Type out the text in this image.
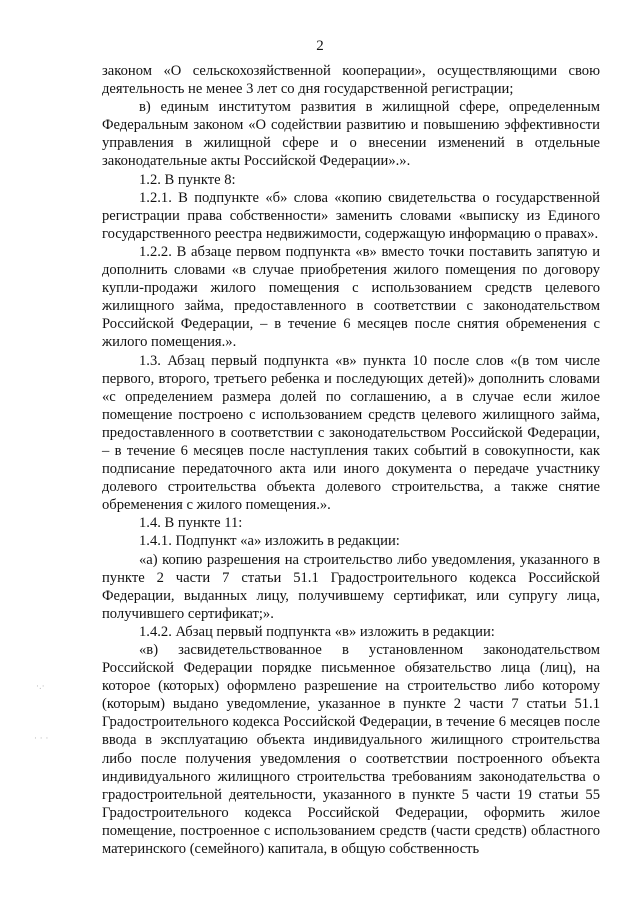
2

законом «О сельскохозяйственной кооперации», осуществляющими свою деятельность не менее 3 лет со дня государственной регистрации;

в) единым институтом развития в жилищной сфере, определенным Федеральным законом «О содействии развитию и повышению эффективности управления в жилищной сфере и о внесении изменений в отдельные законодательные акты Российской Федерации».».

1.2. В пункте 8:

1.2.1. В подпункте «б» слова «копию свидетельства о государственной регистрации права собственности» заменить словами «выписку из Единого государственного реестра недвижимости, содержащую информацию о правах».

1.2.2. В абзаце первом подпункта «в» вместо точки поставить запятую и дополнить словами «в случае приобретения жилого помещения по договору купли-продажи жилого помещения с использованием средств целевого жилищного займа, предоставленного в соответствии с законодательством Российской Федерации, – в течение 6 месяцев после снятия обременения с жилого помещения.».

1.3. Абзац первый подпункта «в» пункта 10 после слов «(в том числе первого, второго, третьего ребенка и последующих детей)» дополнить словами «с определением размера долей по соглашению, а в случае если жилое помещение построено с использованием средств целевого жилищного займа, предоставленного в соответствии с законодательством Российской Федерации, – в течение 6 месяцев после наступления таких событий в совокупности, как подписание передаточного акта или иного документа о передаче участнику долевого строительства объекта долевого строительства, а также снятие обременения с жилого помещения.».

1.4. В пункте 11:

1.4.1. Подпункт «а» изложить в редакции:

«а) копию разрешения на строительство либо уведомления, указанного в пункте 2 части 7 статьи 51.1 Градостроительного кодекса Российской Федерации, выданных лицу, получившему сертификат, или супругу лица, получившего сертификат;».

1.4.2. Абзац первый подпункта «в» изложить в редакции:

«в) засвидетельствованное в установленном законодательством Российской Федерации порядке письменное обязательство лица (лиц), на которое (которых) оформлено разрешение на строительство либо которому (которым) выдано уведомление, указанное в пункте 2 части 7 статьи 51.1 Градостроительного кодекса Российской Федерации, в течение 6 месяцев после ввода в эксплуатацию объекта индивидуального жилищного строительства либо после получения уведомления о соответствии построенного объекта индивидуального жилищного строительства требованиям законодательства о градостроительной деятельности, указанного в пункте 5 части 19 статьи 55 Градостроительного кодекса Российской Федерации, оформить жилое помещение, построенное с использованием средств (части средств) областного материнского (семейного) капитала, в общую собственность

·.·
· · ·
